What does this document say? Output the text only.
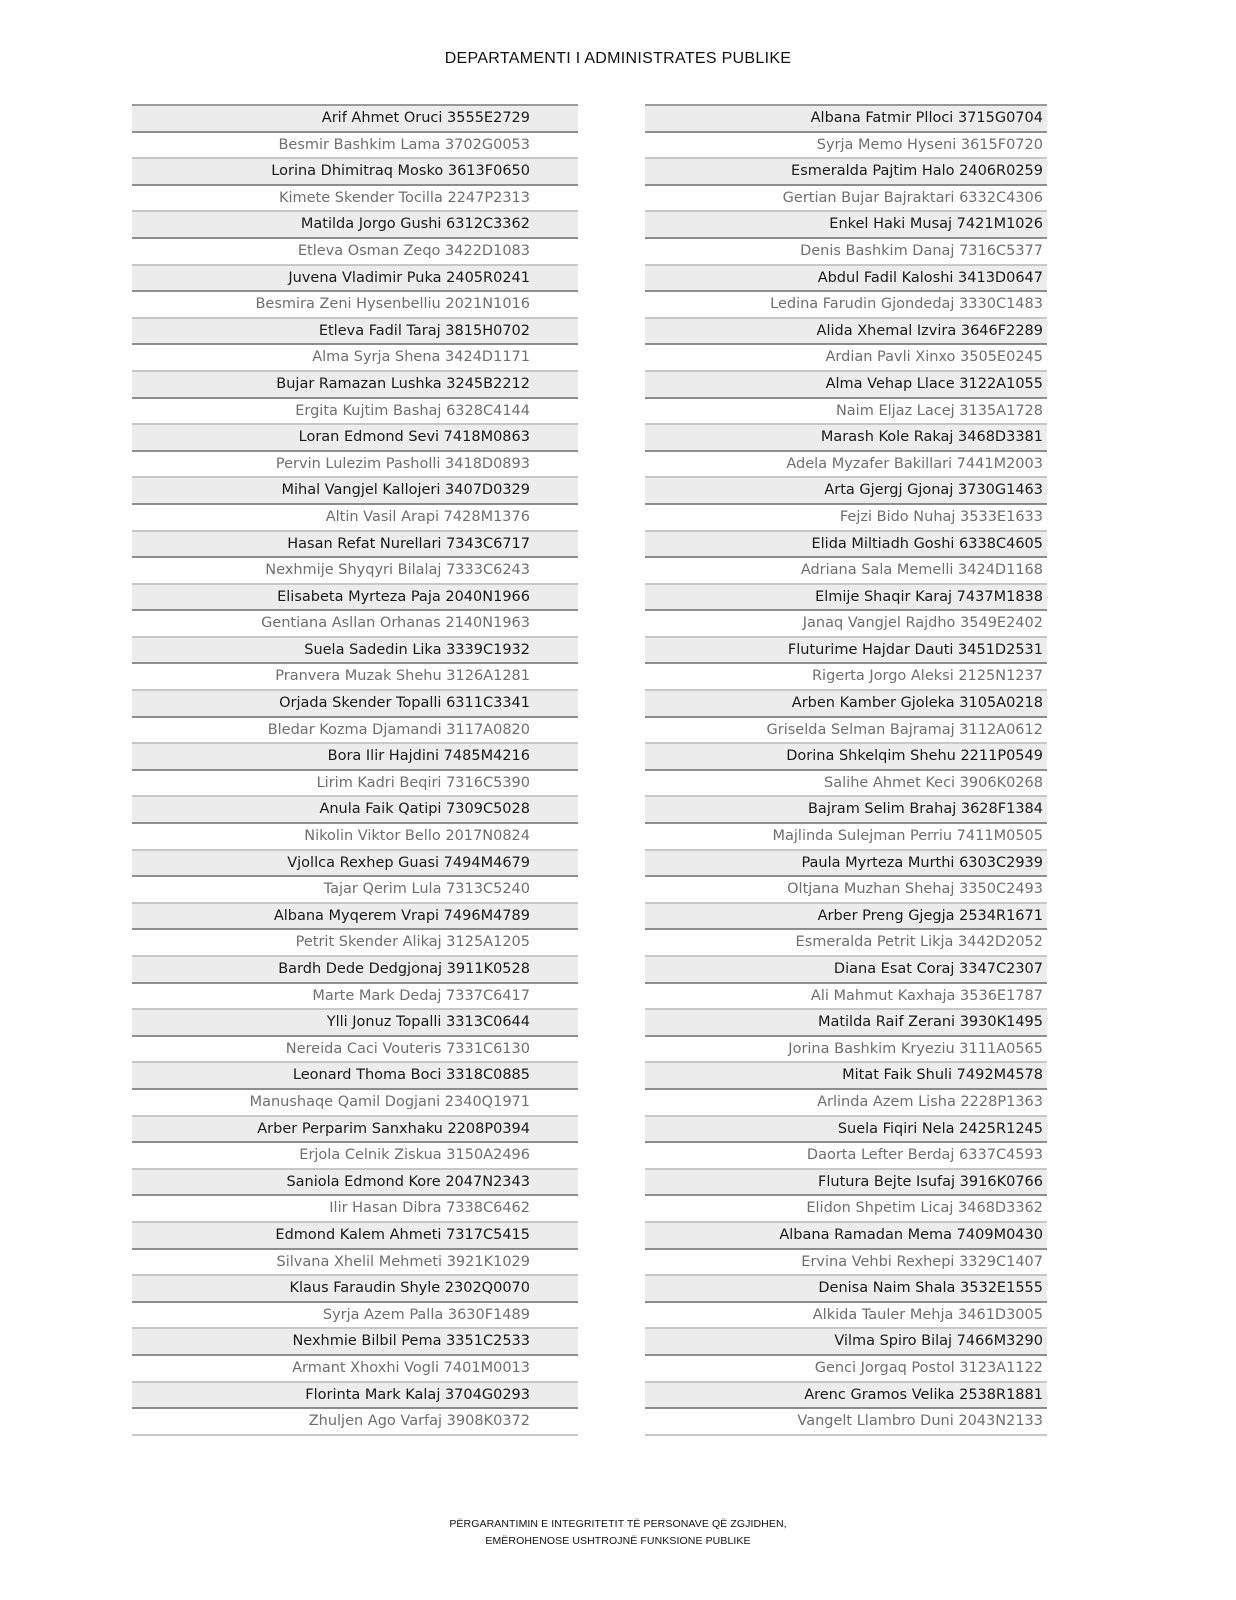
DEPARTAMENTI I ADMINISTRATES PUBLIKE
Arif Ahmet Oruci 3555E2729
Besmir Bashkim Lama 3702G0053
Lorina Dhimitraq Mosko 3613F0650
Kimete Skender Tocilla 2247P2313
Matilda Jorgo Gushi 6312C3362
Etleva Osman Zeqo 3422D1083
Juvena Vladimir Puka 2405R0241
Besmira Zeni Hysenbelliu 2021N1016
Etleva Fadil Taraj 3815H0702
Alma Syrja Shena 3424D1171
Bujar Ramazan Lushka 3245B2212
Ergita Kujtim Bashaj 6328C4144
Loran Edmond Sevi 7418M0863
Pervin Lulezim Pasholli 3418D0893
Mihal Vangjel Kallojeri 3407D0329
Altin Vasil Arapi 7428M1376
Hasan Refat Nurellari 7343C6717
Nexhmije Shyqyri Bilalaj 7333C6243
Elisabeta Myrteza Paja 2040N1966
Gentiana Asllan Orhanas 2140N1963
Suela Sadedin Lika 3339C1932
Pranvera Muzak Shehu 3126A1281
Orjada Skender Topalli 6311C3341
Bledar Kozma Djamandi 3117A0820
Bora Ilir Hajdini 7485M4216
Lirim Kadri Beqiri 7316C5390
Anula Faik Qatipi 7309C5028
Nikolin Viktor Bello 2017N0824
Vjollca Rexhep Guasi 7494M4679
Tajar Qerim Lula 7313C5240
Albana Myqerem Vrapi 7496M4789
Petrit Skender Alikaj 3125A1205
Bardh Dede Dedgjonaj 3911K0528
Marte Mark Dedaj 7337C6417
Ylli Jonuz Topalli 3313C0644
Nereida Caci Vouteris 7331C6130
Leonard Thoma Boci 3318C0885
Manushaqe Qamil Dogjani 2340Q1971
Arber Perparim Sanxhaku 2208P0394
Erjola Celnik Ziskua 3150A2496
Saniola Edmond Kore 2047N2343
Ilir Hasan Dibra 7338C6462
Edmond Kalem Ahmeti 7317C5415
Silvana Xhelil Mehmeti 3921K1029
Klaus Faraudin Shyle 2302Q0070
Syrja Azem Palla 3630F1489
Nexhmie Bilbil Pema 3351C2533
Armant Xhoxhi Vogli 7401M0013
Florinta Mark Kalaj 3704G0293
Zhuljen Ago Varfaj 3908K0372
Albana Fatmir Plloci 3715G0704
Syrja Memo Hyseni 3615F0720
Esmeralda Pajtim Halo 2406R0259
Gertian Bujar Bajraktari 6332C4306
Enkel Haki Musaj 7421M1026
Denis Bashkim Danaj 7316C5377
Abdul Fadil Kaloshi 3413D0647
Ledina Farudin Gjondedaj 3330C1483
Alida Xhemal Izvira 3646F2289
Ardian Pavli Xinxo 3505E0245
Alma Vehap Llace 3122A1055
Naim Eljaz Lacej 3135A1728
Marash Kole Rakaj 3468D3381
Adela Myzafer Bakillari 7441M2003
Arta Gjergj Gjonaj 3730G1463
Fejzi Bido Nuhaj 3533E1633
Elida Miltiadh Goshi 6338C4605
Adriana Sala Memelli 3424D1168
Elmije Shaqir Karaj 7437M1838
Janaq Vangjel Rajdho 3549E2402
Fluturime Hajdar Dauti 3451D2531
Rigerta Jorgo Aleksi 2125N1237
Arben Kamber Gjoleka 3105A0218
Griselda Selman Bajramaj 3112A0612
Dorina Shkelqim Shehu 2211P0549
Salihe Ahmet Keci 3906K0268
Bajram Selim Brahaj 3628F1384
Majlinda Sulejman Perriu 7411M0505
Paula Myrteza Murthi 6303C2939
Oltjana Muzhan Shehaj 3350C2493
Arber Preng Gjegja 2534R1671
Esmeralda Petrit Likja 3442D2052
Diana Esat Coraj 3347C2307
Ali Mahmut Kaxhaja 3536E1787
Matilda Raif Zerani 3930K1495
Jorina Bashkim Kryeziu 3111A0565
Mitat Faik Shuli 7492M4578
Arlinda Azem Lisha 2228P1363
Suela Fiqiri Nela 2425R1245
Daorta Lefter Berdaj 6337C4593
Flutura Bejte Isufaj 3916K0766
Elidon Shpetim Licaj 3468D3362
Albana Ramadan Mema 7409M0430
Ervina Vehbi Rexhepi 3329C1407
Denisa Naim Shala 3532E1555
Alkida Tauler Mehja 3461D3005
Vilma Spiro Bilaj 7466M3290
Genci Jorgaq Postol 3123A1122
Arenc Gramos Velika 2538R1881
Vangelt Llambro Duni 2043N2133
PËRGARANTIMIN E INTEGRITETIT TË PERSONAVE QË ZGJIDHEN,
EMËROHENOSE USHTROJNË FUNKSIONE PUBLIKE
